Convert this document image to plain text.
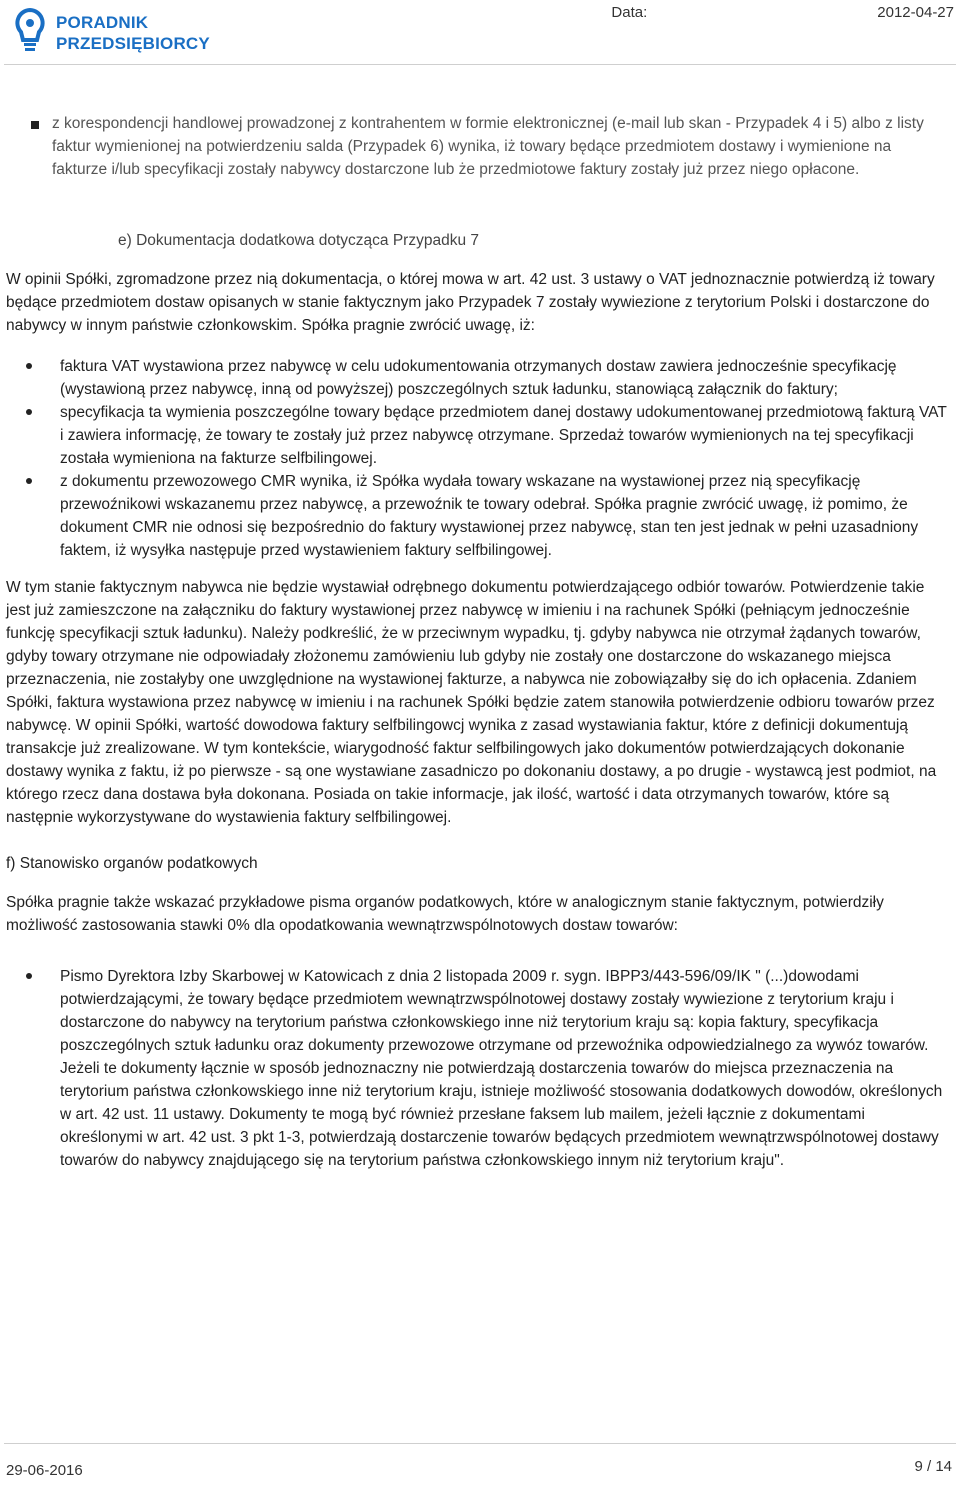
PORADNIK
PRZEDSIĘBIORCY
Data:	2012-04-27
z korespondencji handlowej prowadzonej z kontrahentem w formie elektronicznej (e-mail lub skan - Przypadek 4 i 5) albo z listy faktur wymienionej na potwierdzeniu salda (Przypadek 6) wynika, iż towary będące przedmiotem dostawy i wymienione na fakturze i/lub specyfikacji zostały nabywcy dostarczone lub że przedmiotowe faktury zostały już przez niego opłacone.
e) Dokumentacja dodatkowa dotycząca Przypadku 7

W opinii Spółki, zgromadzone przez nią dokumentacja, o której mowa w art. 42 ust. 3 ustawy o VAT jednoznacznie potwierdzą iż towary będące przedmiotem dostaw opisanych w stanie faktycznym jako Przypadek 7 zostały wywiezione z terytorium Polski i dostarczone do nabywcy w innym państwie członkowskim. Spółka pragnie zwrócić uwagę, iż:

faktura VAT wystawiona przez nabywcę w celu udokumentowania otrzymanych dostaw zawiera jednocześnie specyfikację (wystawioną przez nabywcę, inną od powyższej) poszczególnych sztuk ładunku, stanowiącą załącznik do faktury;
specyfikacja ta wymienia poszczególne towary będące przedmiotem danej dostawy udokumentowanej przedmiotową fakturą VAT i zawiera informację, że towary te zostały już przez nabywcę otrzymane. Sprzedaż towarów wymienionych na tej specyfikacji została wymieniona na fakturze selfbilingowej.
z dokumentu przewozowego CMR wynika, iż Spółka wydała towary wskazane na wystawionej przez nią specyfikację przewoźnikowi wskazanemu przez nabywcę, a przewoźnik te towary odebrał. Spółka pragnie zwrócić uwagę, iż pomimo, że dokument CMR nie odnosi się bezpośrednio do faktury wystawionej przez nabywcę, stan ten jest jednak w pełni uzasadniony faktem, iż wysyłka następuje przed wystawieniem faktury selfbilingowej.

W tym stanie faktycznym nabywca nie będzie wystawiał odrębnego dokumentu potwierdzającego odbiór towarów. Potwierdzenie takie jest już zamieszczone na załączniku do faktury wystawionej przez nabywcę w imieniu i na rachunek Spółki (pełniącym jednocześnie funkcję specyfikacji sztuk ładunku). Należy podkreślić, że w przeciwnym wypadku, tj. gdyby nabywca nie otrzymał żądanych towarów, gdyby towary otrzymane nie odpowiadały złożonemu zamówieniu lub gdyby nie zostały one dostarczone do wskazanego miejsca przeznaczenia, nie zostałyby one uwzględnione na wystawionej fakturze, a nabywca nie zobowiązałby się do ich opłacenia. Zdaniem Spółki, faktura wystawiona przez nabywcę w imieniu i na rachunek Spółki będzie zatem stanowiła potwierdzenie odbioru towarów przez nabywcę. W opinii Spółki, wartość dowodowa faktury selfbilingowcj wynika z zasad wystawiania faktur, które z definicji dokumentują transakcje już zrealizowane. W tym kontekście, wiarygodność faktur selfbilingowych jako dokumentów potwierdzających dokonanie dostawy wynika z faktu, iż po pierwsze - są one wystawiane zasadniczo po dokonaniu dostawy, a po drugie - wystawcą jest podmiot, na którego rzecz dana dostawa była dokonana. Posiada on takie informacje, jak ilość, wartość i data otrzymanych towarów, które są następnie wykorzystywane do wystawienia faktury selfbilingowej.

f) Stanowisko organów podatkowych

Spółka pragnie także wskazać przykładowe pisma organów podatkowych, które w analogicznym stanie faktycznym, potwierdziły możliwość zastosowania stawki 0% dla opodatkowania wewnątrzwspólnotowych dostaw towarów:

Pismo Dyrektora Izby Skarbowej w Katowicach z dnia 2 listopada 2009 r. sygn. IBPP3/443-596/09/IK " (...)dowodami potwierdzającymi, że towary będące przedmiotem wewnątrzwspólnotowej dostawy zostały wywiezione z terytorium kraju i dostarczone do nabywcy na terytorium państwa członkowskiego inne niż terytorium kraju są: kopia faktury, specyfikacja poszczególnych sztuk ładunku oraz dokumenty przewozowe otrzymane od przewoźnika odpowiedzialnego za wywóz towarów. Jeżeli te dokumenty łącznie w sposób jednoznaczny nie potwierdzają dostarczenia towarów do miejsca przeznaczenia na terytorium państwa członkowskiego inne niż terytorium kraju, istnieje możliwość stosowania dodatkowych dowodów, określonych w art. 42 ust. 11 ustawy. Dokumenty te mogą być również przesłane faksem lub mailem, jeżeli łącznie z dokumentami określonymi w art. 42 ust. 3 pkt 1-3, potwierdzają dostarczenie towarów będących przedmiotem wewnątrzwspólnotowej dostawy towarów do nabywcy znajdującego się na terytorium państwa członkowskiego innym niż terytorium kraju".
29-06-2016	9 / 14
